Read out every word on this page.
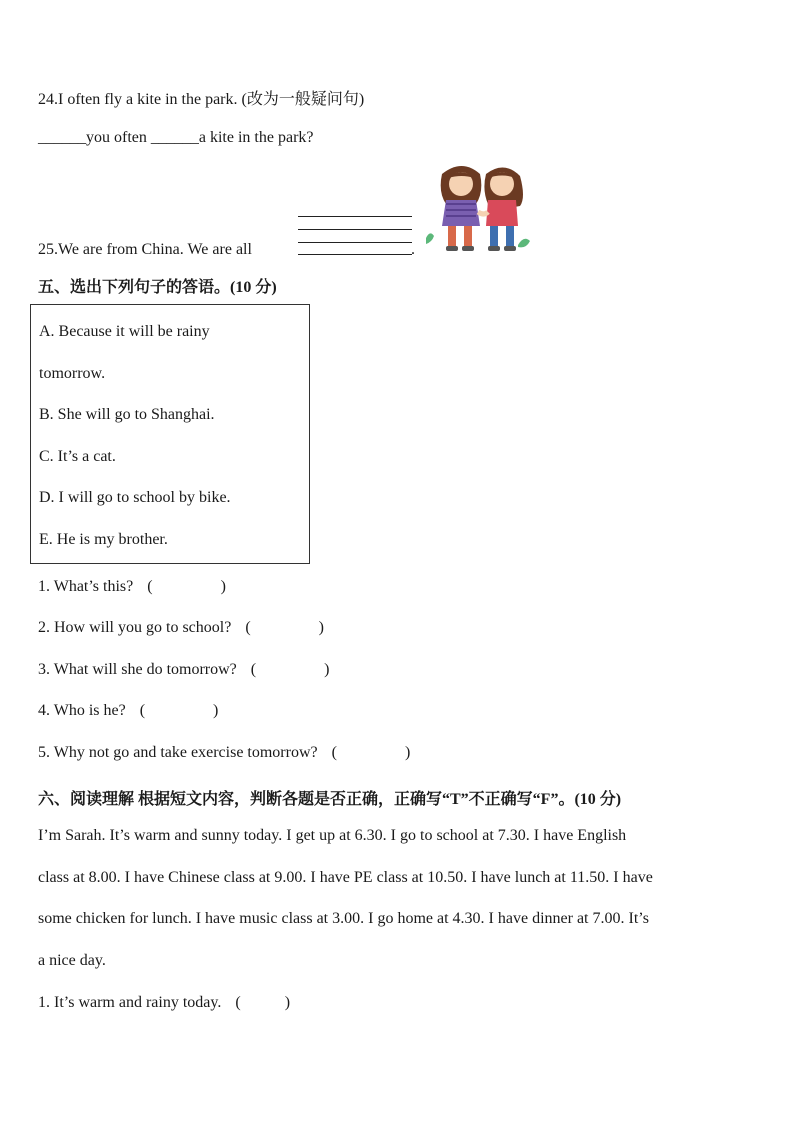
24.I often fly a kite in the park. (改为一般疑问句)
______you often ______a kite in the park?
25.We are from China. We are all	.
五、选出下列句子的答语。(10 分)
A. Because it will be rainy
tomorrow.
B. She will go to Shanghai.
C. It’s a cat.
D. I will go to school by bike.
E. He is my brother.
1. What’s this? (                 )
2. How will you go to school? (                 )
3. What will she do tomorrow? (                 )
4. Who is he? (                 )
5. Why not go and take exercise tomorrow? (                 )
六、阅读理解 根据短文内容，判断各题是否正确，正确写“T”不正确写“F”。(10 分)
I’m Sarah. It’s warm and sunny today. I get up at 6.30. I go to school at 7.30. I have English
class at 8.00. I have Chinese class at 9.00. I have PE class at 10.50. I have lunch at 11.50. I have
some chicken for lunch. I have music class at 3.00. I go home at 4.30. I have dinner at 7.00. It’s
a nice day.
1. It’s warm and rainy today. (           )
